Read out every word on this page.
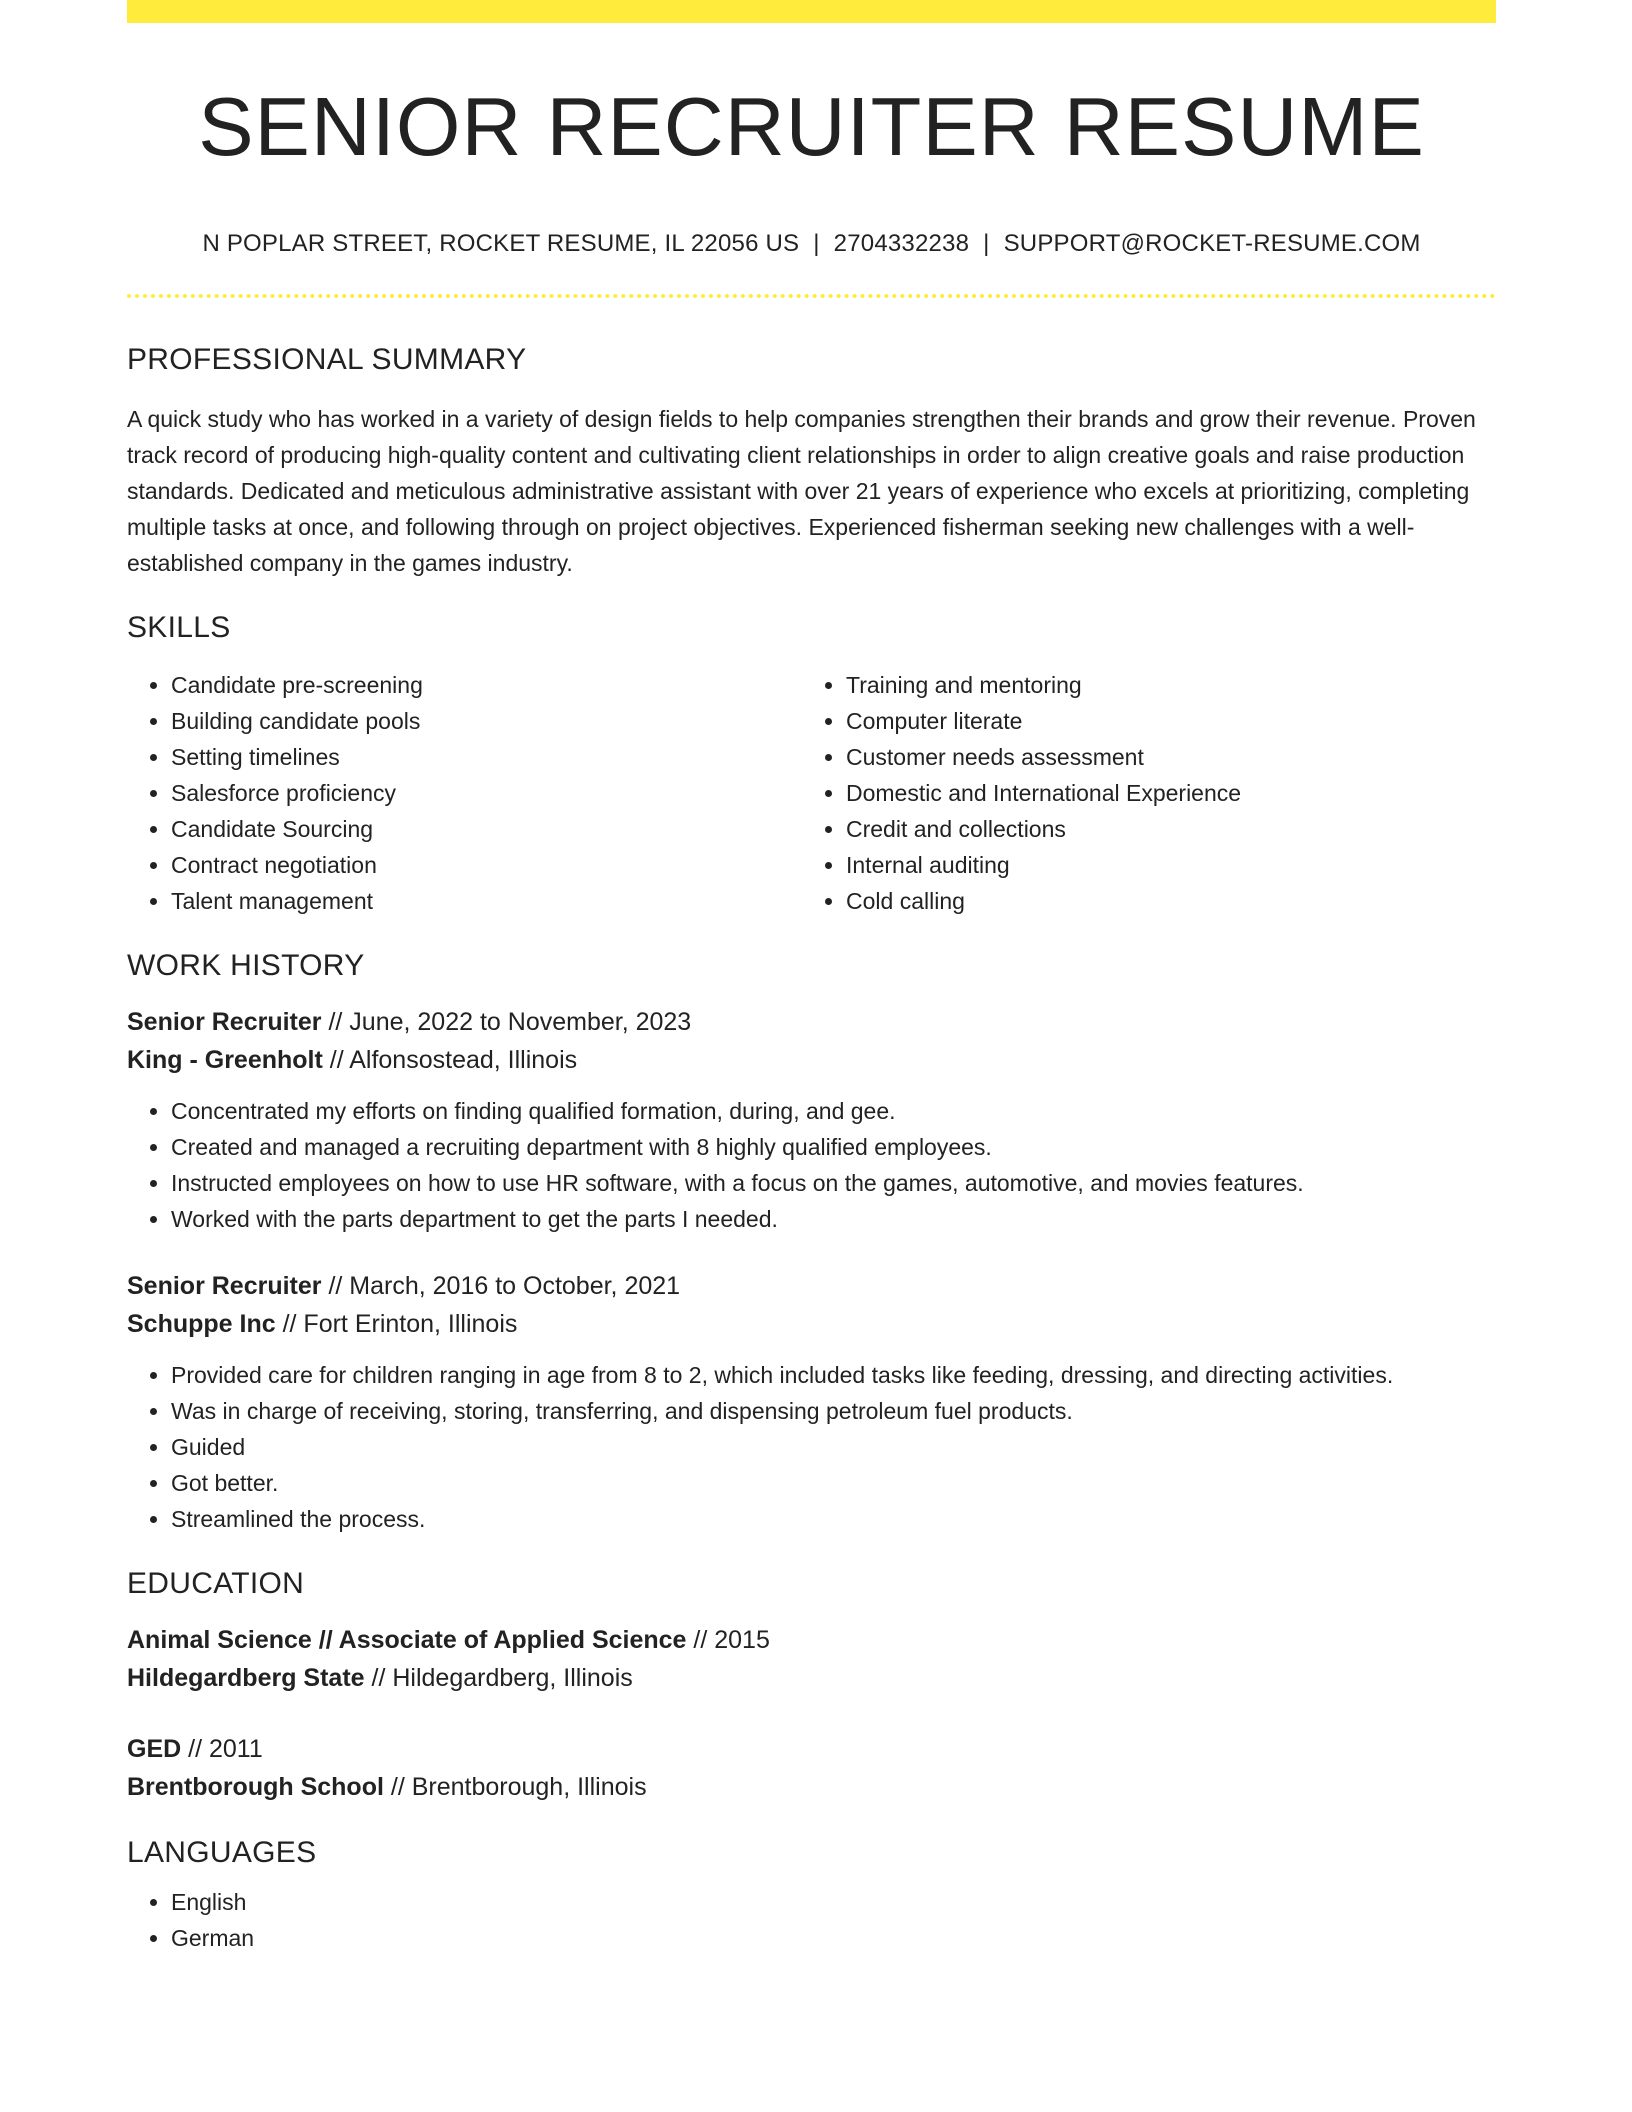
SENIOR RECRUITER RESUME
N POPLAR STREET, ROCKET RESUME, IL 22056 US | 2704332238 | SUPPORT@ROCKET-RESUME.COM
PROFESSIONAL SUMMARY

A quick study who has worked in a variety of design fields to help companies strengthen their brands and grow their revenue. Proven track record of producing high-quality content and cultivating client relationships in order to align creative goals and raise production standards. Dedicated and meticulous administrative assistant with over 21 years of experience who excels at prioritizing, completing multiple tasks at once, and following through on project objectives. Experienced fisherman seeking new challenges with a well-established company in the games industry.

SKILLS
• Candidate pre-screening
• Building candidate pools
• Setting timelines
• Salesforce proficiency
• Candidate Sourcing
• Contract negotiation
• Talent management
• Training and mentoring
• Computer literate
• Customer needs assessment
• Domestic and International Experience
• Credit and collections
• Internal auditing
• Cold calling
WORK HISTORY
Senior Recruiter // June, 2022 to November, 2023
King - Greenholt // Alfonsostead, Illinois
• Concentrated my efforts on finding qualified formation, during, and gee.
• Created and managed a recruiting department with 8 highly qualified employees.
• Instructed employees on how to use HR software, with a focus on the games, automotive, and movies features.
• Worked with the parts department to get the parts I needed.
Senior Recruiter // March, 2016 to October, 2021
Schuppe Inc // Fort Erinton, Illinois
• Provided care for children ranging in age from 8 to 2, which included tasks like feeding, dressing, and directing activities.
• Was in charge of receiving, storing, transferring, and dispensing petroleum fuel products.
• Guided
• Got better.
• Streamlined the process.
EDUCATION
Animal Science // Associate of Applied Science // 2015
Hildegardberg State // Hildegardberg, Illinois
GED // 2011
Brentborough School // Brentborough, Illinois
LANGUAGES
• English
• German
